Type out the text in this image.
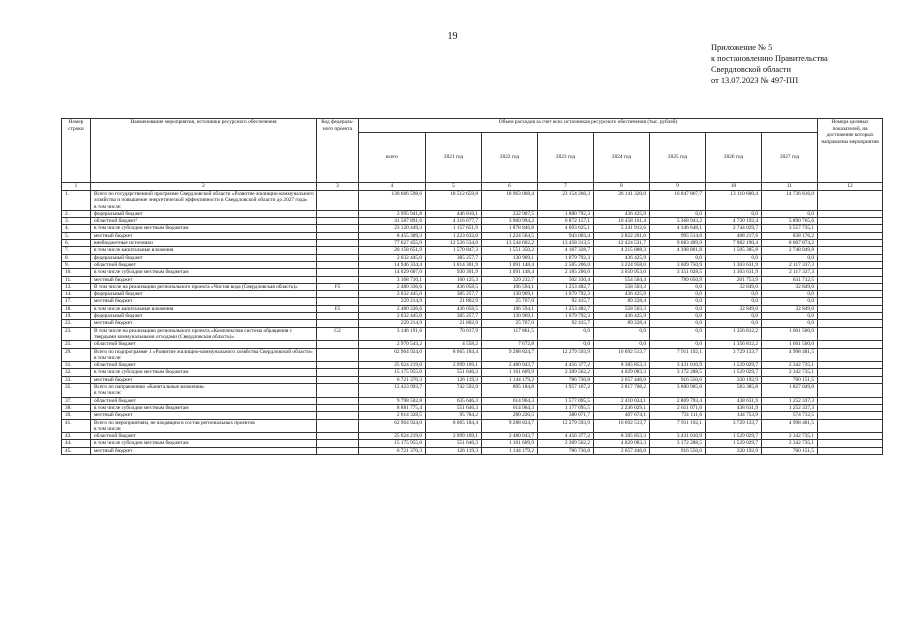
19
Приложение № 5
к постановлению Правительства
Свердловской области
от 13.07.2023 № 497-ПП
Номер строки	Наименование мероприятия, источники ресурсного обеспечения	Код федераль-ного проекта	Объем расходов за счет всех источников ресурсного обеспечения (тыс. рублей)								Номера целевых показателей, на достижение которых направлены мероприятия
			всего	2021 год	2022 год	2023 год	2024 год	2025 год	2026 год	2027 год	
1	2	3	4	5	6	7	8	9	10	11	12
1.	Всего по государственной программе Свердловской области «Развитие жилищно-коммунального хозяйства и повышение энергетической эффективности в Свердловской области до 2027 года»
в том числе:		130 666 598,6	18 512 659,8	18 963 068,4	23 154 266,3	26 141 320,0	16 047 867,7	13 110 600,4	14 736 816,0	
2.	федеральный бюджет		2 995 941,8	446 816,1	232 907,5	1 880 792,3	436 425,9	0,0	0,0	0,0	
3.	областной бюджет¹		41 587 891,6	4 316 677,7	3 960 994,2	6 872 157,1	10 458 161,4	5 368 943,2	4 720 192,4	5 890 765,6	
4.	в том числе субсидии местным бюджетам		23 120 449,3	1 157 651,9	1 878 846,8	4 093 625,1	5 341 912,6	4 346 648,1	2 744 029,7	3 557 735,1	
5.	местный бюджет		8 455 309,3	1 223 632,0	1 224 564,5	943 003,4	2 822 201,0	995 514,6	408 217,6	838 176,2	
6.	внебюджетные источники		77 627 455,9	12 526 534,0	13 544 602,2	13 458 313,5	12 424 531,7	9 683 409,9	7 982 190,4	8 007 874,2	
7.	в том числе капитальные вложения		20 158 651,9	1 570 847,3	1 551 350,2	4 167 328,7	4 215 888,3	4 398 801,8	1 505 385,8	2 748 049,8	
8.	федеральный бюджет		2 032 445,0	385 257,7	130 969,1	1 079 792,3	436 425,9	0,0	0,0	0,0	
9.	областной бюджет		14 946 334,4	1 014 301,9	1 091 148,4	2 585 206,0	3 224 958,0	3 609 750,9	1 303 631,9	2 117 337,3	
10.	в том числе субсидии местным бюджетам		14 029 607,0	930 301,9	1 091 148,4	2 185 206,0	3 050 953,0	3 351 028,5	1 303 631,9	2 117 337,3	
11.	местный бюджет		3 168 710,1	160 125,3	329 232,7	502 330,4	554 504,4	789 050,9	201 753,9	631 712,5	
13.	В том числе на реализацию регионального проекта «Чистая вода (Свердловская область)»	F5	2 480 336,6	436 058,5	106 594,1	1 253 482,7	558 503,3	0,0	32 849,0	32 849,0	
14.	федеральный бюджет		2 032 445,0	385 257,7	130 969,1	1 079 792,3	436 425,9	0,0	0,0	0,0	
17.	местный бюджет		229 214,9	21 802,9	25 767,0	92 415,7	89 228,4	0,0	0,0	0,0	
18.	в том числе капитальные вложения	F5	2 480 336,6	436 058,5	106 594,1	1 253 482,7	558 503,3	0,0	32 849,0	32 849,0	
19.	федеральный бюджет		2 032 445,0	385 257,7	130 969,1	1 079 792,3	436 425,9	0,0	0,0	0,0	
22.	местный бюджет		229 214,9	21 802,9	25 767,0	92 415,7	89 228,4	0,0	0,0	0,0	
23.	В том числе на реализацию регионального проекта «Комплексная система обращения с твердыми коммунальными отходами (Свердловская область)»	G2	3 146 191,6	70 017,9	117 861,5	0,0	0,0	0,0	1 356 812,2	1 601 500,0	
25.	областной бюджет		2 970 543,2	4 558,2	7 672,8	0,0	0,0	0,0	1 356 812,2	1 601 500,0	
29.	Всего по подпрограмме 1 «Развитие жилищно-коммунального хозяйства Свердловской области»
в том числе:		62 964 924,0	8 065 184,4	9 288 824,7	12 279 593,9	16 692 513,7	7 911 192,1	3 729 133,7	4 998 481,5	
31.	областной бюджет		25 624 219,0	2 999 169,1	2 480 043,7	4 456 377,2	8 385 853,3	3 431 010,9	1 529 029,7	2 342 735,1	
32.	в том числе субсидии местным бюджетам		15 175 955,0	551 646,3	1 161 609,9	2 389 562,2	4 029 083,3	3 172 288,5	1 529 029,7	2 342 735,1	
33.	местный бюджет		6 721 370,3	126 119,3	1 144 179,2	786 730,8	2 657 446,0	916 550,6	330 192,9	760 151,5	
35.	Всего по направлению «Капитальные вложения»
в том числе:		12 423 993,7	742 592,9	895 184,8	1 957 167,2	2 817 708,2	3 600 905,0	583 385,8	1 827 049,8	
37.	областной бюджет		9 798 502,8	635 646,3	614 964,3	1 577 095,5	2 410 034,1	2 869 793,4	438 631,9	1 252 337,3	
38.	в том числе субсидии местным бюджетам		8 881 775,4	551 646,3	614 964,3	1 177 095,5	2 236 029,1	2 611 071,0	438 631,9	1 252 337,3	
39.	местный бюджет		2 614 328,5	95 784,2	280 220,5	380 071,7	407 674,1	731 111,6	144 753,9	574 712,5	
41.	Всего по мероприятиям, не входящим в состав региональных проектов
в том числе:		62 964 924,0	8 065 184,4	9 288 824,7	12 279 593,9	16 692 513,7	7 911 192,1	3 729 133,7	4 998 481,5	
43.	областной бюджет		25 624 219,0	2 999 169,1	2 480 043,7	4 456 377,2	8 385 853,3	3 431 010,9	1 529 029,7	2 342 735,1	
44.	в том числе субсидии местным бюджетам		15 175 955,0	551 646,3	1 161 609,9	2 389 562,2	4 029 083,3	3 172 288,5	1 529 029,7	2 342 735,1	
45.	местный бюджет		6 721 370,3	126 119,3	1 144 179,2	786 730,8	2 657 446,0	916 550,6	330 192,9	760 151,5	
